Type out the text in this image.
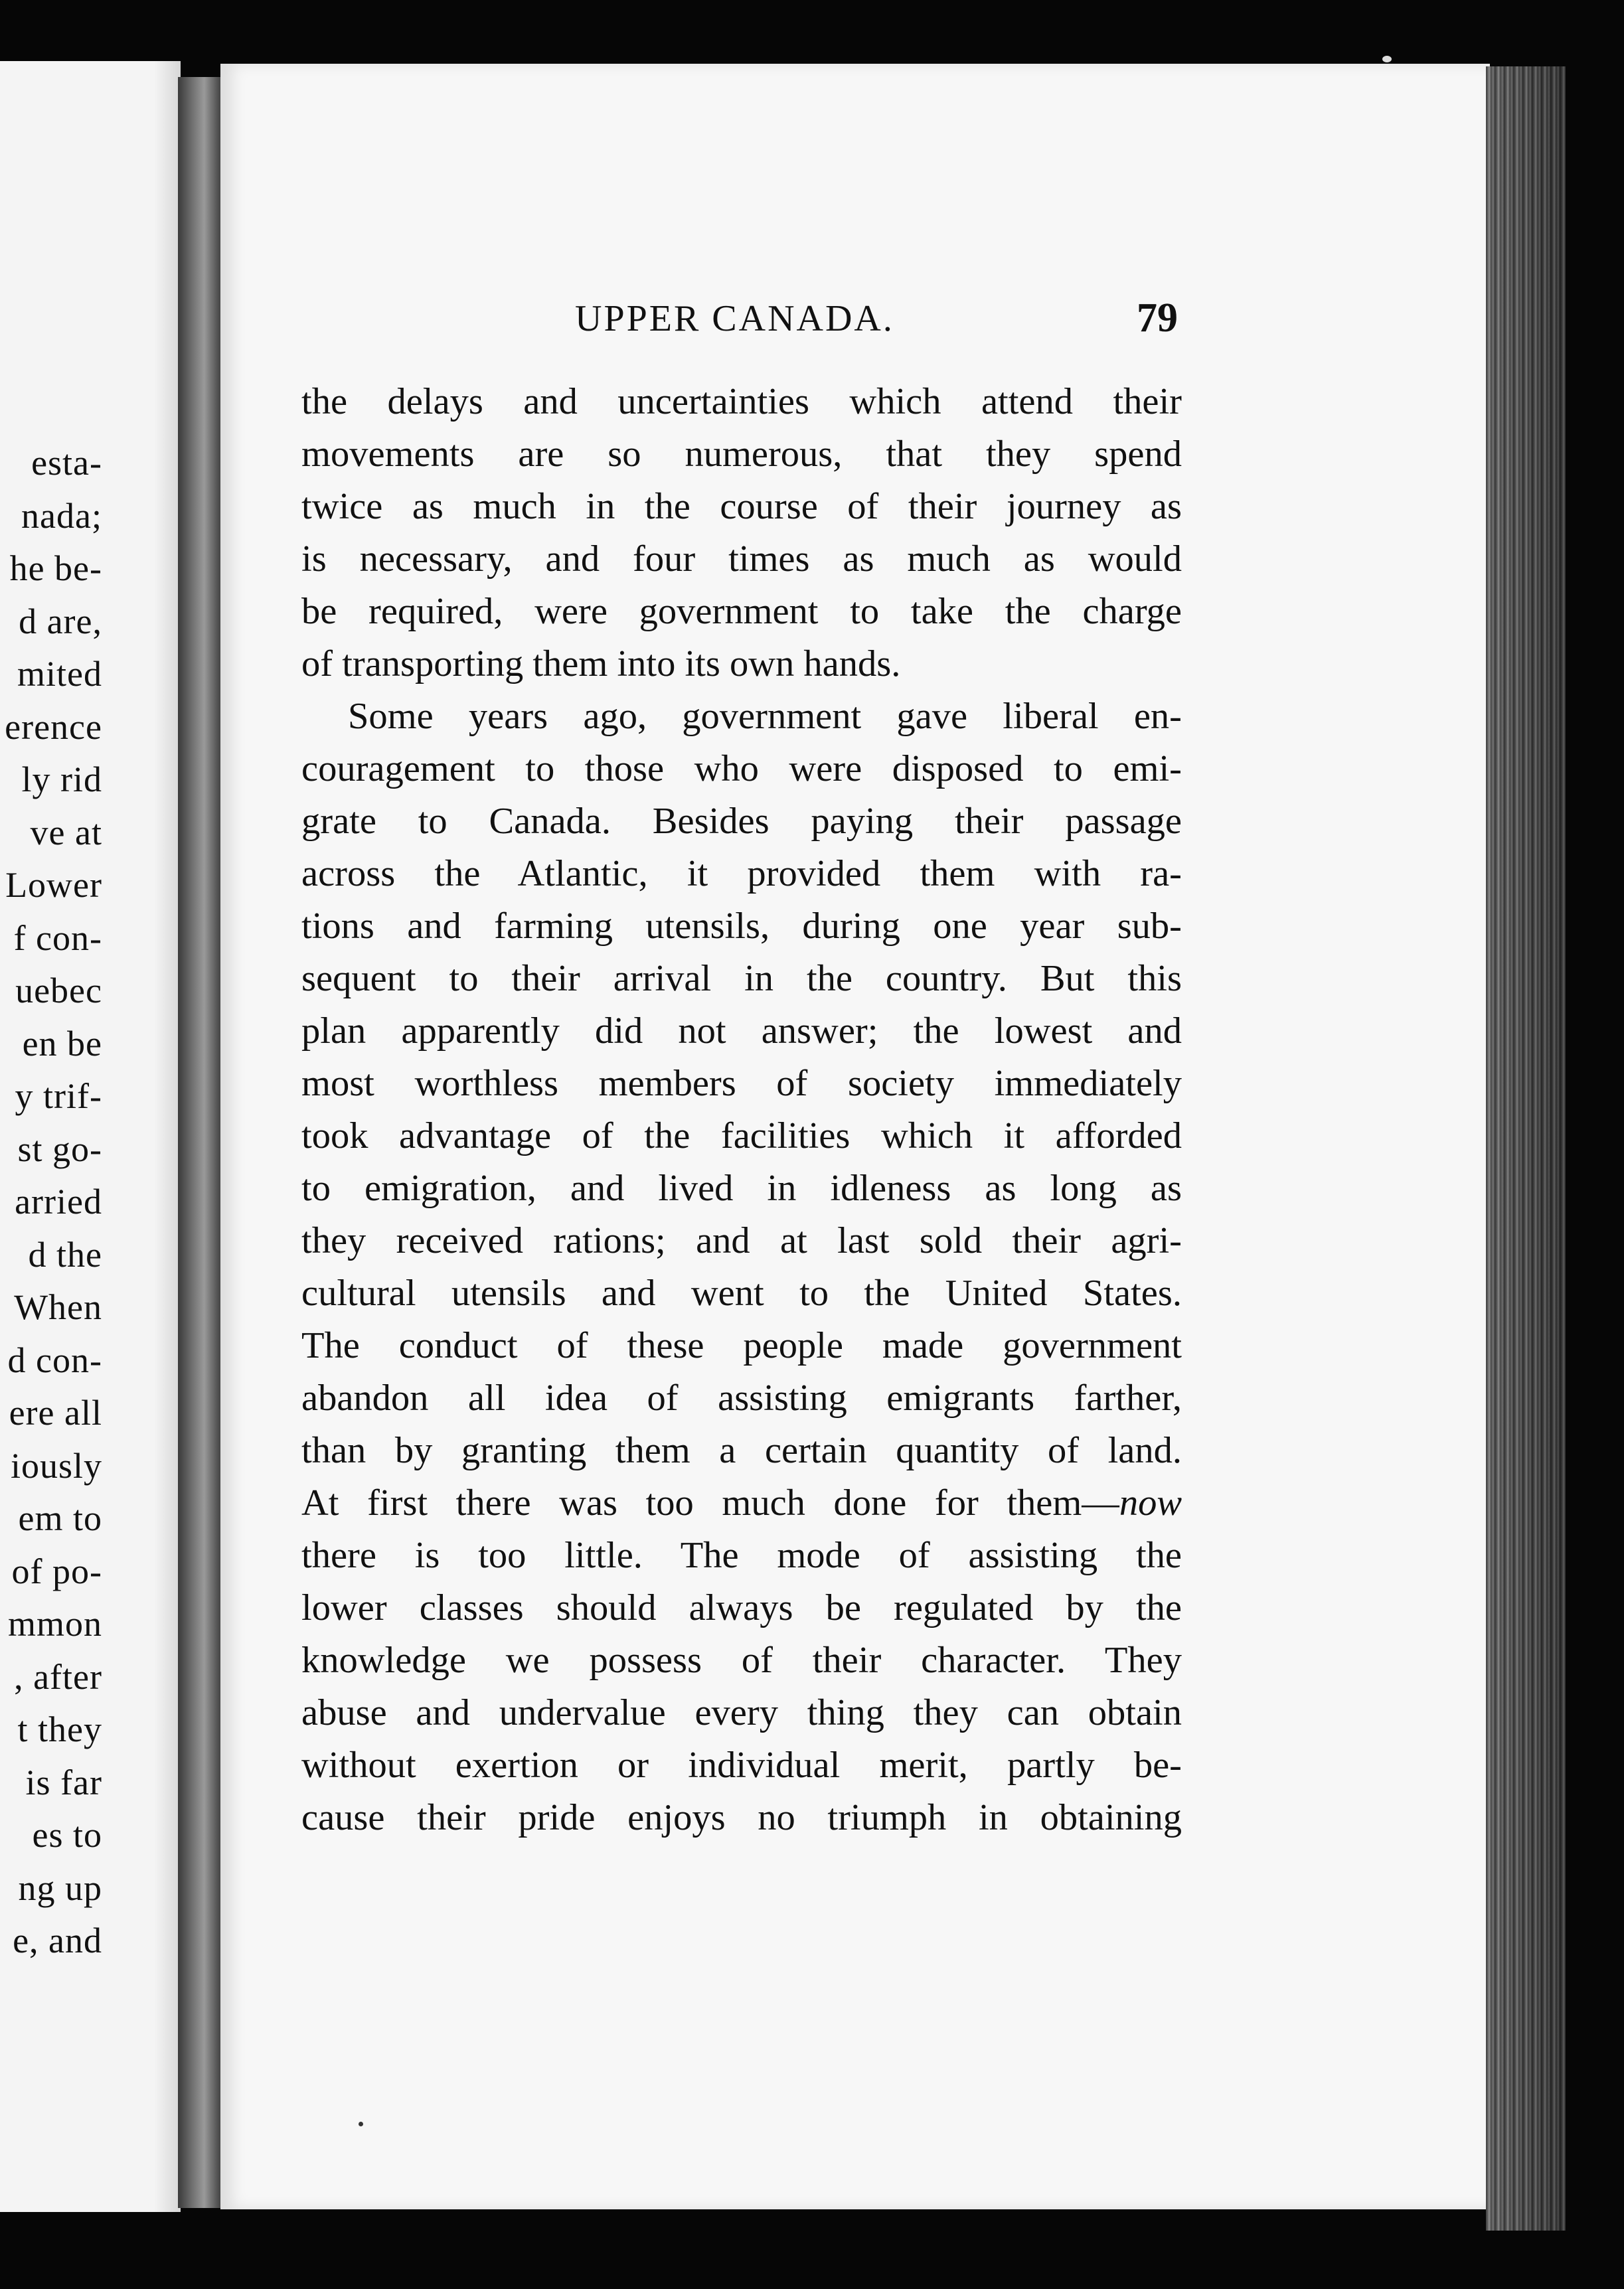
esta-
nada;
he be-
d are,
mited
erence
ly rid
ve at
Lower
f con-
uebec
en be
y trif-
st go-
arried
d the
When
d con-
ere all
iously
em to
of po-
mmon
, after
t they
is far
es to
ng up
e, and
UPPER CANADA.	79
the delays and uncertainties which attend their
movements are so numerous, that they spend
twice as much in the course of their journey as
is necessary, and four times as much as would
be required, were government to take the charge
of transporting them into its own hands.
Some years ago, government gave liberal en-
couragement to those who were disposed to emi-
grate to Canada. Besides paying their passage
across the Atlantic, it provided them with ra-
tions and farming utensils, during one year sub-
sequent to their arrival in the country. But this
plan apparently did not answer; the lowest and
most worthless members of society immediately
took advantage of the facilities which it afforded
to emigration, and lived in idleness as long as
they received rations; and at last sold their agri-
cultural utensils and went to the United States.
The conduct of these people made government
abandon all idea of assisting emigrants farther,
than by granting them a certain quantity of land.
At first there was too much done for them—now
there is too little. The mode of assisting the
lower classes should always be regulated by the
knowledge we possess of their character. They
abuse and undervalue every thing they can obtain
without exertion or individual merit, partly be-
cause their pride enjoys no triumph in obtaining
